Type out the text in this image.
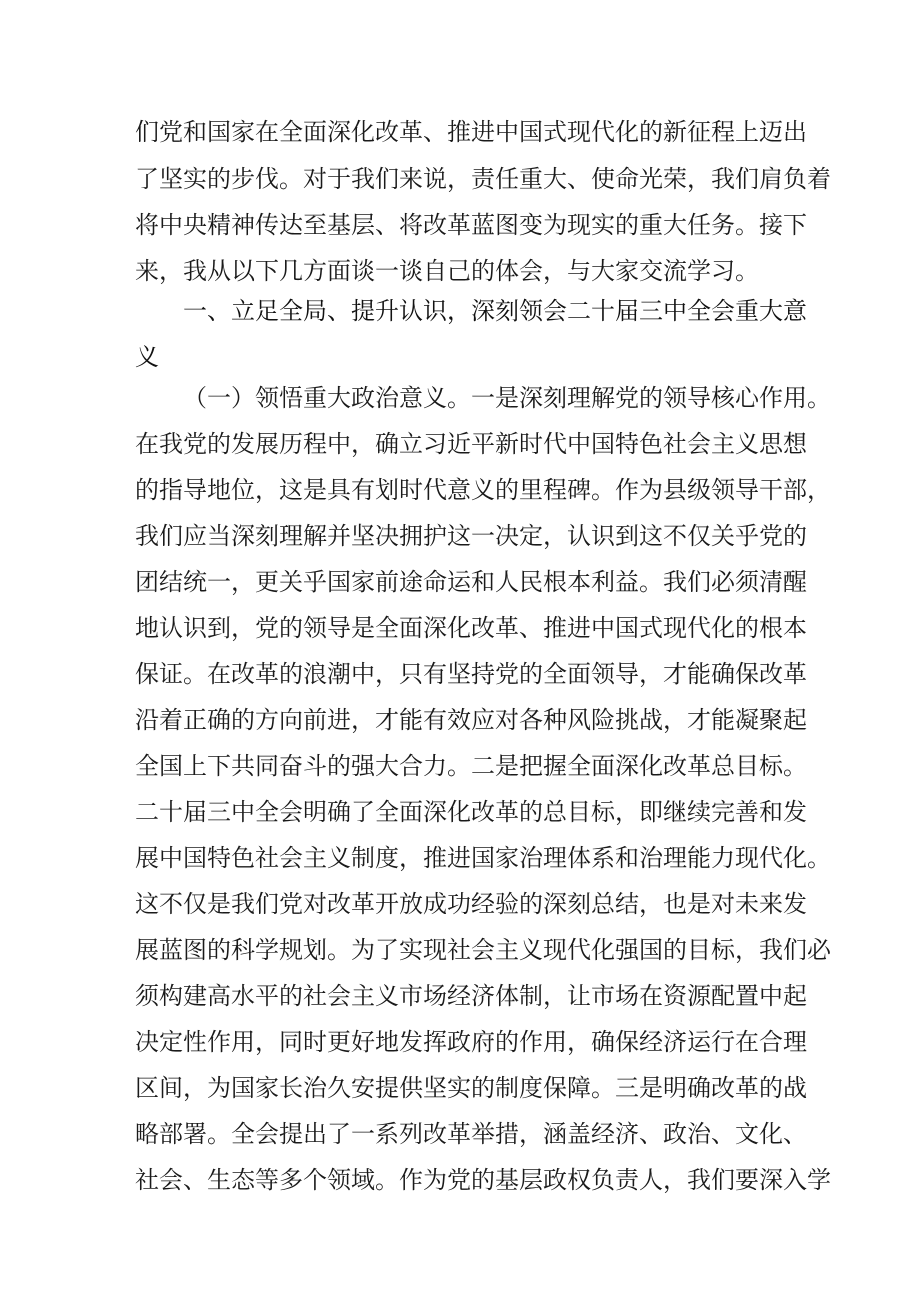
们党和国家在全面深化改革、推进中国式现代化的新征程上迈出
了坚实的步伐。对于我们来说，责任重大、使命光荣，我们肩负着
将中央精神传达至基层、将改革蓝图变为现实的重大任务。接下
来，我从以下几方面谈一谈自己的体会，与大家交流学习。
一、立足全局、提升认识，深刻领会二十届三中全会重大意
义
（一）领悟重大政治意义。一是深刻理解党的领导核心作用。
在我党的发展历程中，确立习近平新时代中国特色社会主义思想
的指导地位，这是具有划时代意义的里程碑。作为县级领导干部，
我们应当深刻理解并坚决拥护这一决定，认识到这不仅关乎党的
团结统一，更关乎国家前途命运和人民根本利益。我们必须清醒
地认识到，党的领导是全面深化改革、推进中国式现代化的根本
保证。在改革的浪潮中，只有坚持党的全面领导，才能确保改革
沿着正确的方向前进，才能有效应对各种风险挑战，才能凝聚起
全国上下共同奋斗的强大合力。二是把握全面深化改革总目标。
二十届三中全会明确了全面深化改革的总目标，即继续完善和发
展中国特色社会主义制度，推进国家治理体系和治理能力现代化。
这不仅是我们党对改革开放成功经验的深刻总结，也是对未来发
展蓝图的科学规划。为了实现社会主义现代化强国的目标，我们必
须构建高水平的社会主义市场经济体制，让市场在资源配置中起
决定性作用，同时更好地发挥政府的作用，确保经济运行在合理
区间，为国家长治久安提供坚实的制度保障。三是明确改革的战
略部署。全会提出了一系列改革举措，涵盖经济、政治、文化、
社会、生态等多个领域。作为党的基层政权负责人，我们要深入学
